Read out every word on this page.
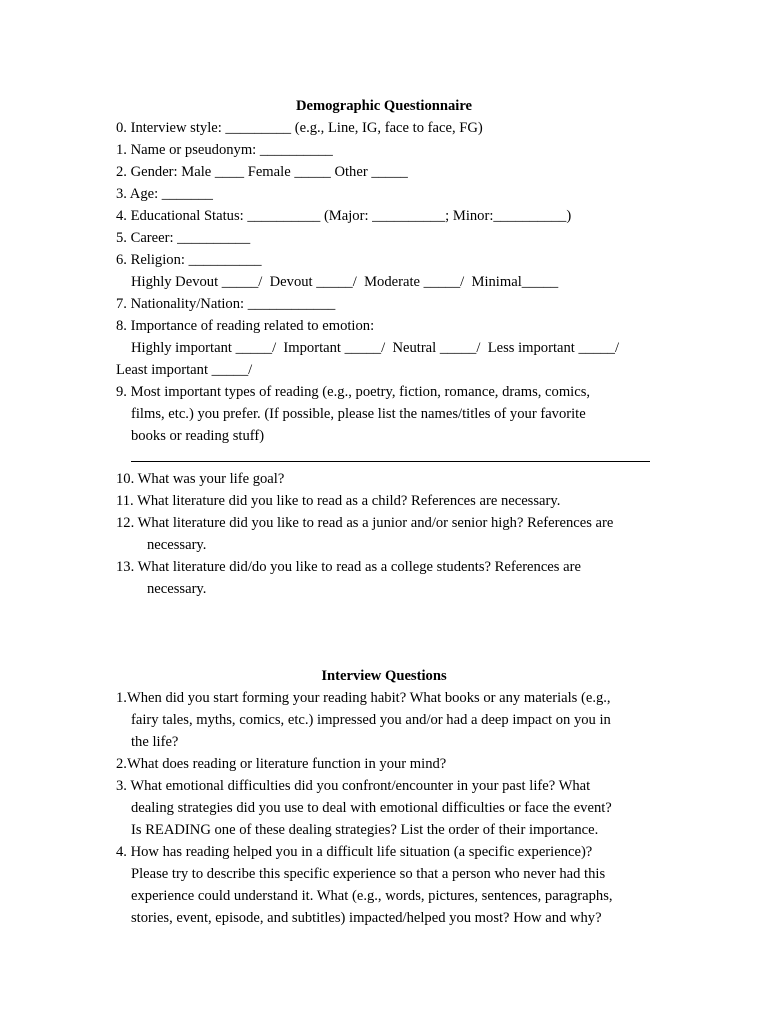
Demographic Questionnaire
0. Interview style: _________ (e.g., Line, IG, face to face, FG)
1. Name or pseudonym: __________
2. Gender: Male ____ Female _____ Other _____
3. Age: _______
4. Educational Status: __________ (Major: __________; Minor:__________)
5. Career: __________
6. Religion: __________
Highly Devout _____/  Devout _____/  Moderate _____/  Minimal_____
7. Nationality/Nation: ____________
8. Importance of reading related to emotion:
Highly important _____/  Important _____/  Neutral _____/  Less important _____/
Least important _____/
9. Most important types of reading (e.g., poetry, fiction, romance, drams, comics,
films, etc.) you prefer. (If possible, please list the names/titles of your favorite
books or reading stuff)
10. What was your life goal?
11. What literature did you like to read as a child? References are necessary.
12. What literature did you like to read as a junior and/or senior high? References are
necessary.
13. What literature did/do you like to read as a college students? References are
necessary.
Interview Questions
1.When did you start forming your reading habit? What books or any materials (e.g.,
fairy tales, myths, comics, etc.) impressed you and/or had a deep impact on you in
the life?
2.What does reading or literature function in your mind?
3. What emotional difficulties did you confront/encounter in your past life? What
dealing strategies did you use to deal with emotional difficulties or face the event?
Is READING one of these dealing strategies? List the order of their importance.
4. How has reading helped you in a difficult life situation (a specific experience)?
Please try to describe this specific experience so that a person who never had this
experience could understand it. What (e.g., words, pictures, sentences, paragraphs,
stories, event, episode, and subtitles) impacted/helped you most? How and why?
